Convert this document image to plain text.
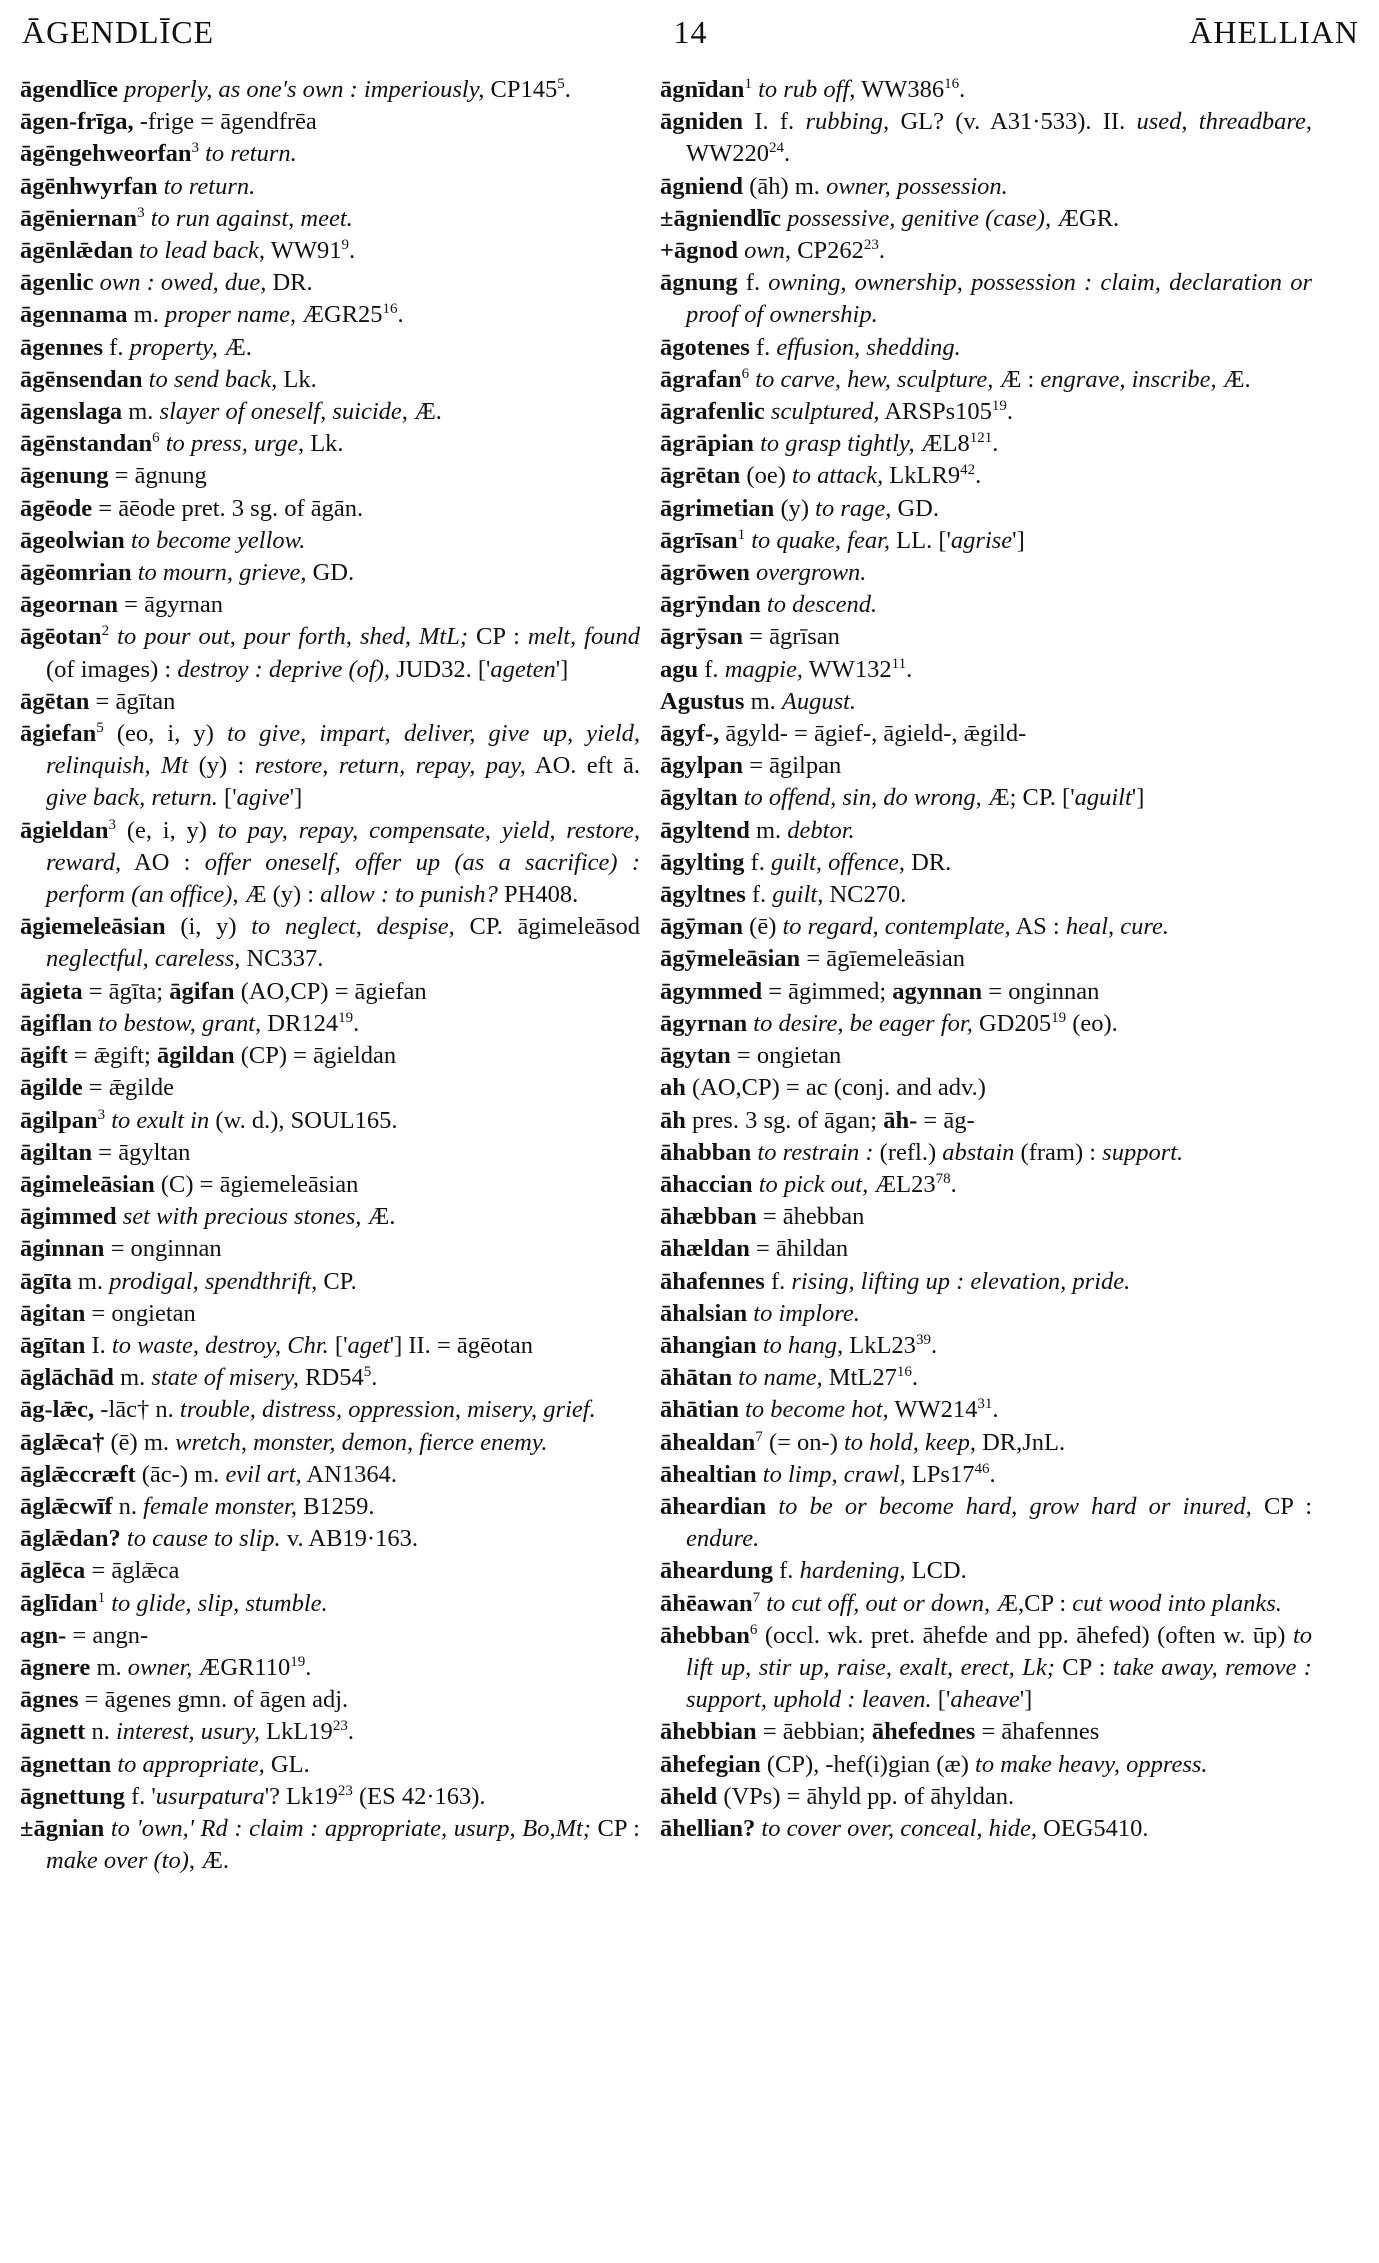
ĀGENDLĪCE	14	ĀHELLIAN
āgendlīce properly, as one's own : imperiously, $CP145^5$.
āgen-frīga, -frige = āgendfrēa
āgēngehweorfan$^3$ to return.
āgēnhwyrfan to return.
āgēniernan$^3$ to run against, meet.
āgēnlǣdan to lead back, $WW91^9$.
āgenlic own : owed, due, DR.
āgennama m. proper name, $ÆGR25^{16}$.
āgennes f. property, Æ.
āgēnsendan to send back, Lk.
āgenslaga m. slayer of oneself, suicide, Æ.
āgēnstandan$^6$ to press, urge, Lk.
āgenung = āgnung
āgēode = āēode pret. 3 sg. of āgān.
āgeolwian to become yellow.
āgēomrian to mourn, grieve, GD.
āgeornan = āgyrnan
āgēotan$^2$ to pour out, pour forth, shed, MtL; CP : melt, found (of images) : destroy : deprive (of), JUD32. ['ageten']
āgētan = āgītan
āgiefan$^5$ (eo, i, y) to give, impart, deliver, give up, yield, relinquish, Mt (y) : restore, return, repay, pay, AO. eft ā. give back, return. ['agive']
āgieldan$^3$ (e, i, y) to pay, repay, compensate, yield, restore, reward, AO : offer oneself, offer up (as a sacrifice) : perform (an office), Æ (y) : allow : to punish? PH408.
āgiemeleāsian (i, y) to neglect, despise, CP. āgimeleāsod neglectful, careless, NC337.
āgieta = āgīta; āgifan (AO,CP) = āgiefan
āgiflan to bestow, grant, $DR124^{19}$.
āgift = ǣgift; āgildan (CP) = āgieldan
āgilde = ǣgilde
āgilpan$^3$ to exult in (w. d.), SOUL165.
āgiltan = āgyltan
āgimeleāsian (C) = āgiemeleāsian
āgimmed set with precious stones, Æ.
āginnan = onginnan
āgīta m. prodigal, spendthrift, CP.
āgitan = ongietan
āgītan I. to waste, destroy, Chr. ['aget'] II. = āgēotan
āglāchād m. state of misery, $RD54^5$.
āg-lǣc, -lāc† n. trouble, distress, oppression, misery, grief.
āglǣca† (ē) m. wretch, monster, demon, fierce enemy.
āglǣccræft (āc-) m. evil art, AN1364.
āglǣcwīf n. female monster, B1259.
āglǣdan? to cause to slip. v. AB19·163.
āglēca = āglǣca
āglīdan$^1$ to glide, slip, stumble.
agn- = angn-
āgnere m. owner, $ÆGR110^{19}$.
āgnes = āgenes gmn. of āgen adj.
āgnett n. interest, usury, $LkL19^{23}$.
āgnettan to appropriate, GL.
āgnettung f. 'usurpatura'? $Lk19^{23}$ (ES 42·163).
±āgnian to 'own,' Rd : claim : appropriate, usurp, Bo,Mt; CP : make over (to), Æ.
āgnīdan$^1$ to rub off, $WW386^{16}$.
āgniden I. f. rubbing, GL? (v. A31·533). II. used, threadbare, $WW220^{24}$.
āgniend (āh) m. owner, possession.
±āgniendlīc possessive, genitive (case), ÆGR.
+āgnod own, $CP262^{23}$.
āgnung f. owning, ownership, possession : claim, declaration or proof of ownership.
āgotenes f. effusion, shedding.
āgrafan$^6$ to carve, hew, sculpture, Æ : engrave, inscribe, Æ.
āgrafenlic sculptured, $ARSPs105^{19}$.
āgrāpian to grasp tightly, $ÆL8^{121}$.
āgrētan (oe) to attack, $LkLR9^{42}$.
āgrimetian (y) to rage, GD.
āgrīsan$^1$ to quake, fear, LL. ['agrise']
āgrōwen overgrown.
āgrȳndan to descend.
āgrȳsan = āgrīsan
agu f. magpie, $WW132^{11}$.
Agustus m. August.
āgyf-, āgyld- = āgief-, āgield-, ǣgild-
āgylpan = āgilpan
āgyltan to offend, sin, do wrong, Æ; CP. ['aguilt']
āgyltend m. debtor.
āgylting f. guilt, offence, DR.
āgyltnes f. guilt, NC270.
āgȳman (ē) to regard, contemplate, AS : heal, cure.
āgȳmeleāsian = āgīemeleāsian
āgymmed = āgimmed; agynnan = onginnan
āgyrnan to desire, be eager for, $GD205^{19}$ (eo).
āgytan = ongietan
ah (AO,CP) = ac (conj. and adv.)
āh pres. 3 sg. of āgan; āh- = āg-
āhabban to restrain : (refl.) abstain (fram) : support.
āhaccian to pick out, $ÆL23^{78}$.
āhæbban = āhebban
āhældan = āhildan
āhafennes f. rising, lifting up : elevation, pride.
āhalsian to implore.
āhangian to hang, $LkL23^{39}$.
āhātan to name, $MtL27^{16}$.
āhātian to become hot, $WW214^{31}$.
āhealdan$^7$ (= on-) to hold, keep, DR,JnL.
āhealtian to limp, crawl, $LPs17^{46}$.
āheardian to be or become hard, grow hard or inured, CP : endure.
āheardung f. hardening, LCD.
āhēawan$^7$ to cut off, out or down, Æ,CP : cut wood into planks.
āhebban$^6$ (occl. wk. pret. āhefde and pp. āhefed) (often w. ūp) to lift up, stir up, raise, exalt, erect, Lk; CP : take away, remove : support, uphold : leaven. ['aheave']
āhebbian = āebbian; āhefednes = āhafennes
āhefegian (CP), -hef(i)gian (æ) to make heavy, oppress.
āheld (VPs) = āhyld pp. of āhyldan.
āhellian? to cover over, conceal, hide, OEG5410.
